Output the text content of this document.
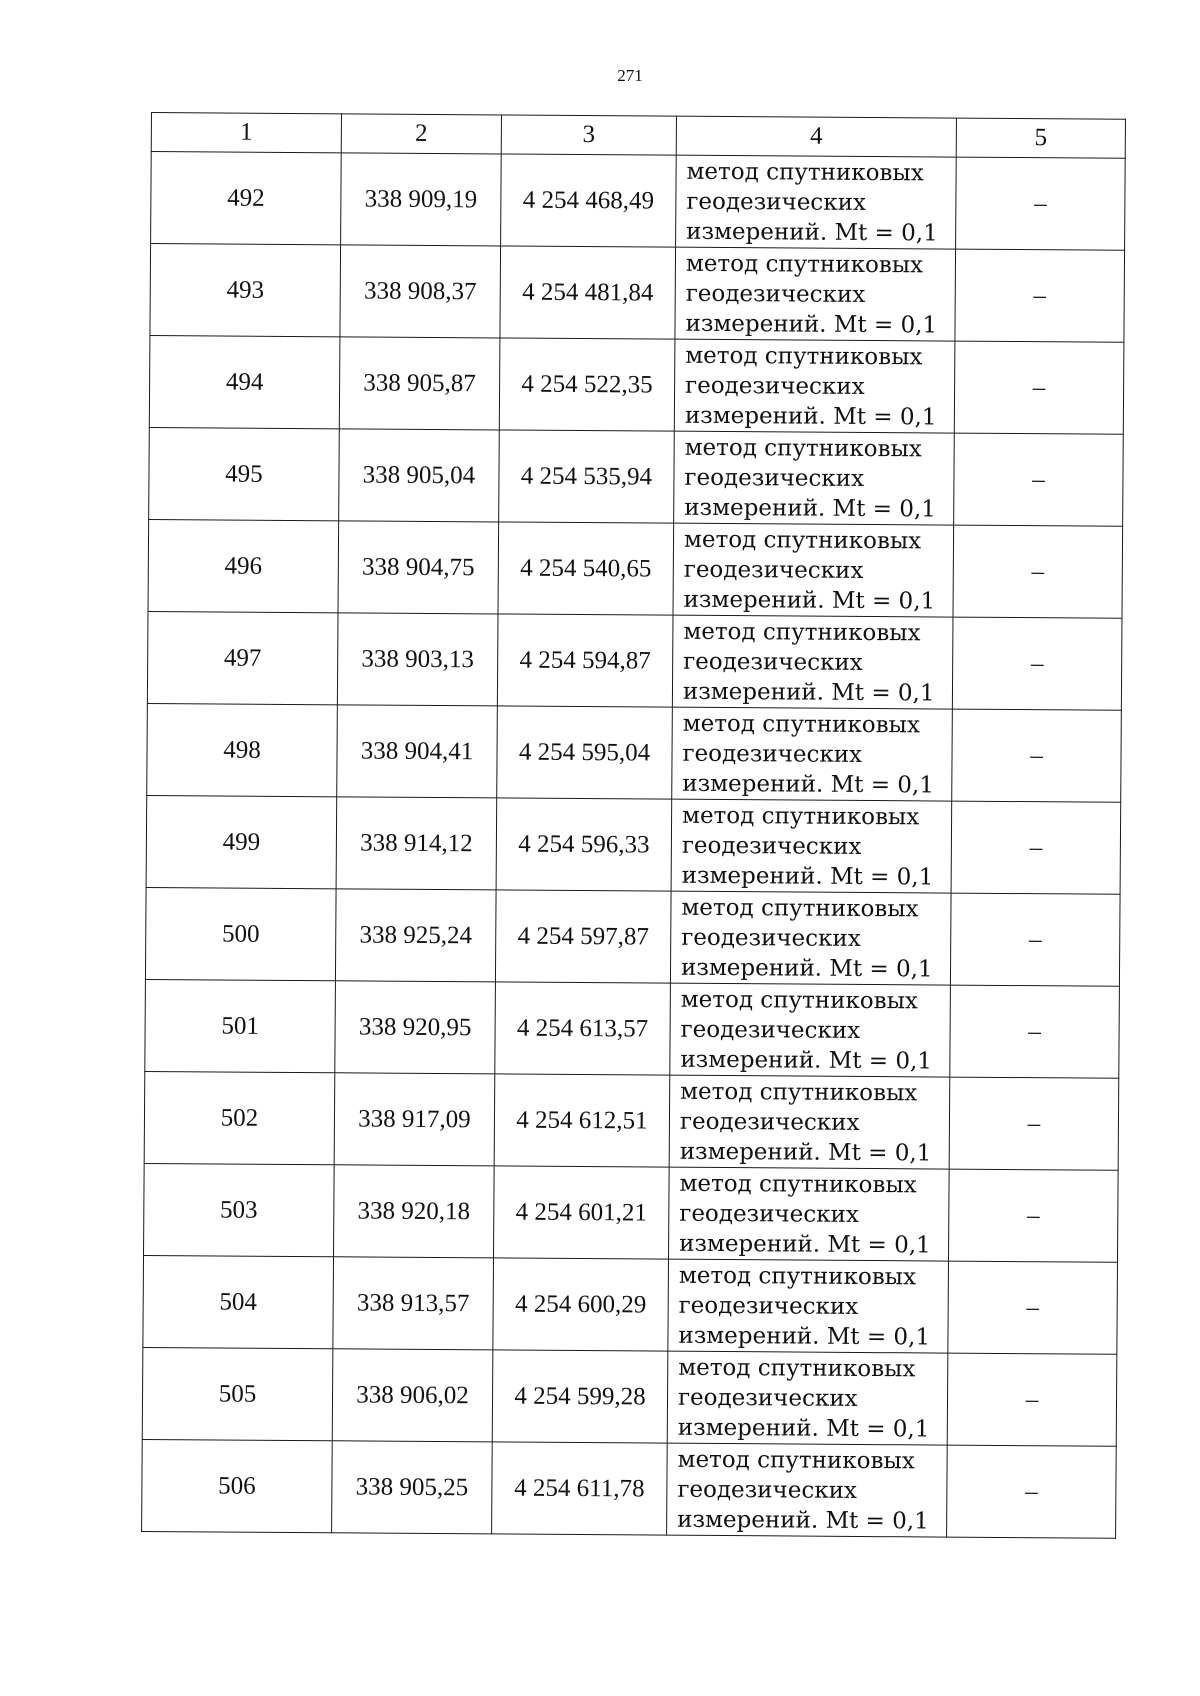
271
1	2	3	4	5
492	338 909,19	4 254 468,49	метод спутниковых
геодезических
измерений. Mt = 0,1	–
493	338 908,37	4 254 481,84	метод спутниковых
геодезических
измерений. Mt = 0,1	–
494	338 905,87	4 254 522,35	метод спутниковых
геодезических
измерений. Mt = 0,1	–
495	338 905,04	4 254 535,94	метод спутниковых
геодезических
измерений. Mt = 0,1	–
496	338 904,75	4 254 540,65	метод спутниковых
геодезических
измерений. Mt = 0,1	–
497	338 903,13	4 254 594,87	метод спутниковых
геодезических
измерений. Mt = 0,1	–
498	338 904,41	4 254 595,04	метод спутниковых
геодезических
измерений. Mt = 0,1	–
499	338 914,12	4 254 596,33	метод спутниковых
геодезических
измерений. Mt = 0,1	–
500	338 925,24	4 254 597,87	метод спутниковых
геодезических
измерений. Mt = 0,1	–
501	338 920,95	4 254 613,57	метод спутниковых
геодезических
измерений. Mt = 0,1	–
502	338 917,09	4 254 612,51	метод спутниковых
геодезических
измерений. Mt = 0,1	–
503	338 920,18	4 254 601,21	метод спутниковых
геодезических
измерений. Mt = 0,1	–
504	338 913,57	4 254 600,29	метод спутниковых
геодезических
измерений. Mt = 0,1	–
505	338 906,02	4 254 599,28	метод спутниковых
геодезических
измерений. Mt = 0,1	–
506	338 905,25	4 254 611,78	метод спутниковых
геодезических
измерений. Mt = 0,1	–
